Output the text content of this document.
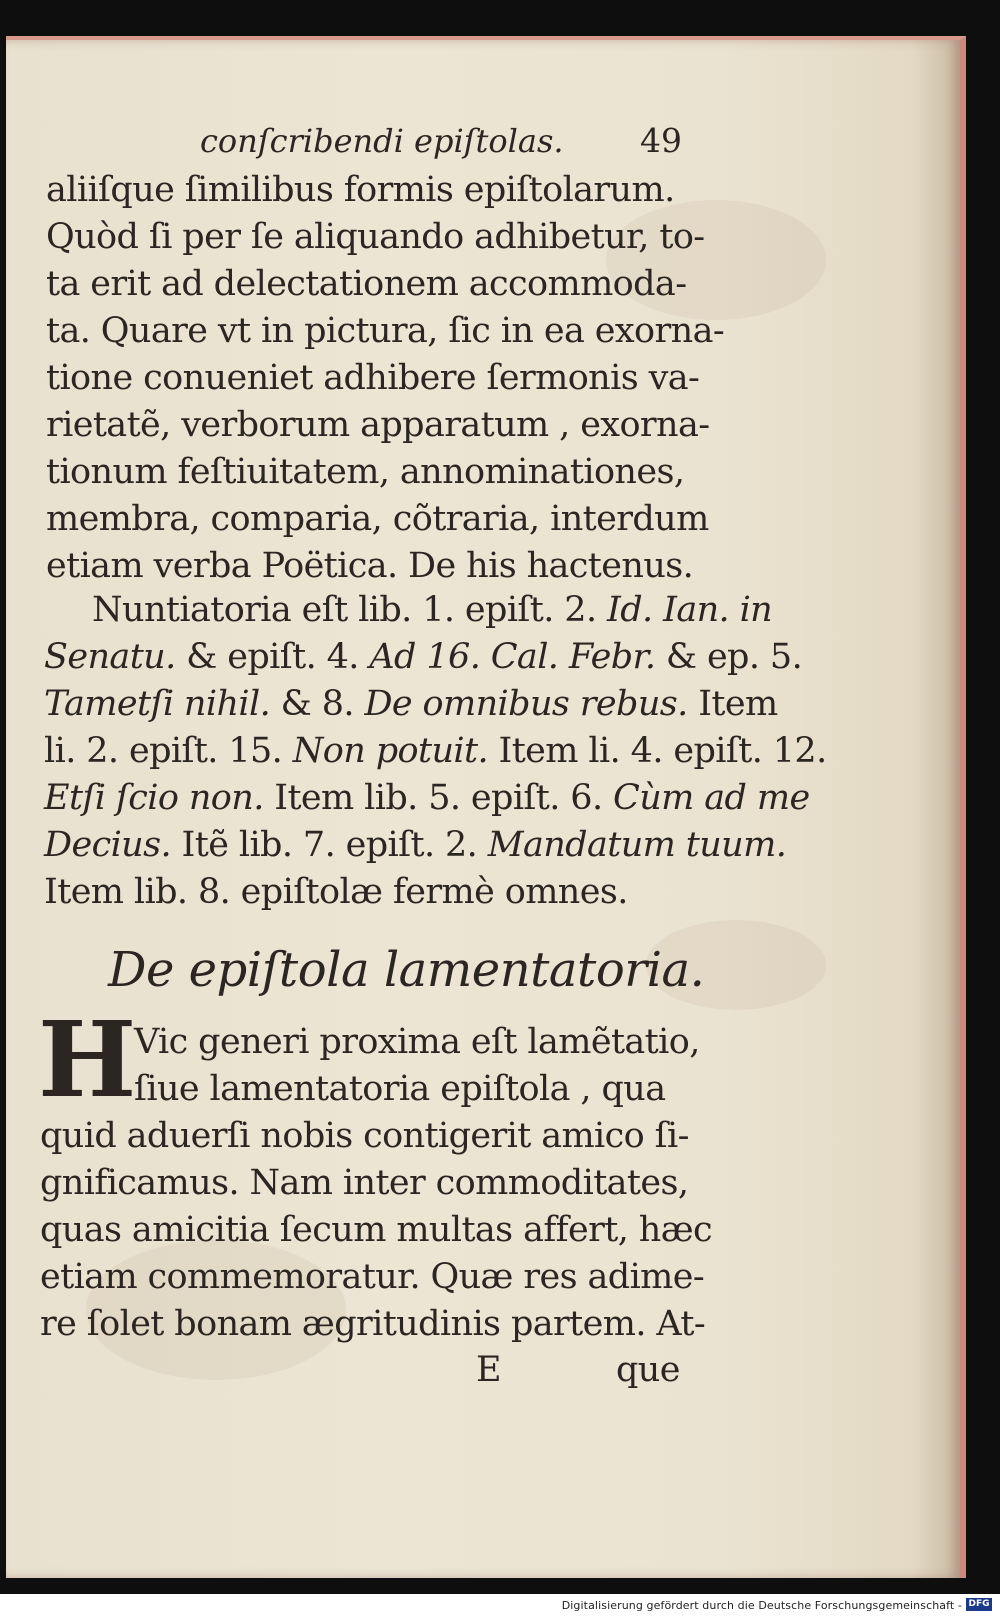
conſcribendi epiſtolas. 49
aliiſque ſimilibus formis epiſtolarum.
Quòd ſi per ſe aliquando adhibetur, to-
ta erit ad delectationem accommoda-
ta. Quare vt in pictura, ſic in ea exorna-
tione conueniet adhibere ſermonis va-
rietatẽ, verborum apparatum , exorna-
tionum feſtiuitatem, annominationes,
membra, comparia, cõtraria, interdum
etiam verba Poëtica. De his hactenus.
Nuntiatoria eſt lib. 1. epiſt. 2. Id. Ian. in
Senatu. & epiſt. 4. Ad 16. Cal. Febr. & ep. 5.
Tametſi nihil. & 8. De omnibus rebus. Item
li. 2. epiſt. 15. Non potuit. Item li. 4. epiſt. 12.
Etſi ſcio non. Item lib. 5. epiſt. 6. Cùm ad me
Decius. Itẽ lib. 7. epiſt. 2. Mandatum tuum.
Item lib. 8. epiſtolæ fermè omnes.
De epiſtola lamentatoria.
H
Vic generi proxima eſt lamẽtatio,
ſiue lamentatoria epiſtola , qua
quid aduerſi nobis contigerit amico ſi-
gnificamus. Nam inter commoditates,
quas amicitia ſecum multas affert, hæc
etiam commemoratur. Quæ res adime-
re ſolet bonam ægritudinis partem. At-
E	que
Digitalisierung gefördert durch die Deutsche Forschungsgemeinschaft - DFG
